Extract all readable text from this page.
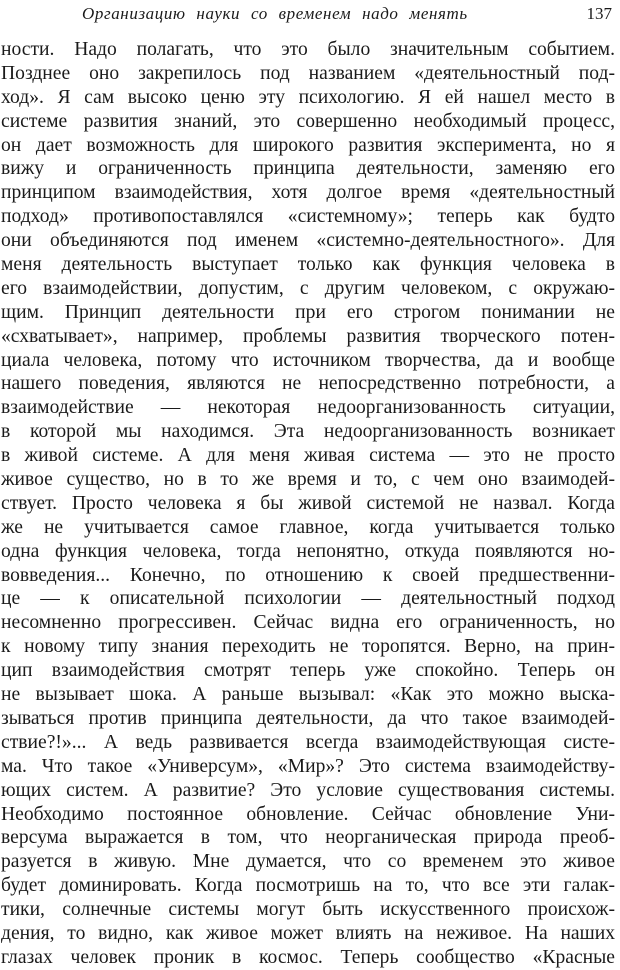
Организацию науки со временем надо менять	137
ности. Надо полагать, что это было значительным событием.
Позднее оно закрепилось под названием «деятельностный под-
ход». Я сам высоко ценю эту психологию. Я ей нашел место в
системе развития знаний, это совершенно необходимый процесс,
он дает возможность для широкого развития эксперимента, но я
вижу и ограниченность принципа деятельности, заменяю его
принципом взаимодействия, хотя долгое время «деятельностный
подход» противопоставлялся «системному»; теперь как будто
они объединяются под именем «системно-деятельностного». Для
меня деятельность выступает только как функция человека в
его взаимодействии, допустим, с другим человеком, с окружаю-
щим. Принцип деятельности при его строгом понимании не
«схватывает», например, проблемы развития творческого потен-
циала человека, потому что источником творчества, да и вообще
нашего поведения, являются не непосредственно потребности, а
взаимодействие — некоторая недоорганизованность ситуации,
в которой мы находимся. Эта недоорганизованность возникает
в живой системе. А для меня живая система — это не просто
живое существо, но в то же время и то, с чем оно взаимодей-
ствует. Просто человека я бы живой системой не назвал. Когда
же не учитывается самое главное, когда учитывается только
одна функция человека, тогда непонятно, откуда появляются но-
вовведения... Конечно, по отношению к своей предшественни-
це — к описательной психологии — деятельностный подход
несомненно прогрессивен. Сейчас видна его ограниченность, но
к новому типу знания переходить не торопятся. Верно, на прин-
цип взаимодействия смотрят теперь уже спокойно. Теперь он
не вызывает шока. А раньше вызывал: «Как это можно выска-
зываться против принципа деятельности, да что такое взаимодей-
ствие?!»... А ведь развивается всегда взаимодействующая систе-
ма. Что такое «Универсум», «Мир»? Это система взаимодейству-
ющих систем. А развитие? Это условие существования системы.
Необходимо постоянное обновление. Сейчас обновление Уни-
версума выражается в том, что неорганическая природа преоб-
разуется в живую. Мне думается, что со временем это живое
будет доминировать. Когда посмотришь на то, что все эти галак-
тики, солнечные системы могут быть искусственного происхож-
дения, то видно, как живое может влиять на неживое. На наших
глазах человек проник в космос. Теперь сообщество «Красные
